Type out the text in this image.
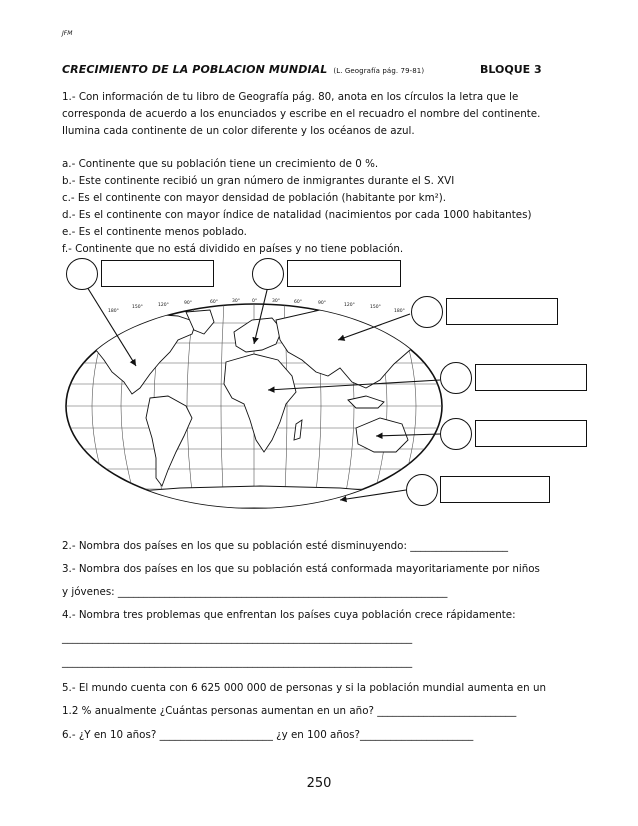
JFM
CRECIMIENTO DE LA POBLACION MUNDIAL (L. Geografía pág. 79-81)	BLOQUE 3
1.- Con información de tu libro de Geografía pág. 80, anota en los círculos la letra que le corresponda de acuerdo a los enunciados y escribe en el recuadro el nombre del continente. Ilumina cada continente de un color diferente y los océanos de azul.
a.- Continente que su población tiene un crecimiento de 0 %.
b.- Este continente recibió un gran número de inmigrantes durante el S. XVI
c.- Es el continente con mayor densidad de población (habitante por km²).
d.- Es el continente con mayor índice de natalidad (nacimientos por cada 1000 habitantes)
e.- Es el continente menos poblado.
f.- Continente que no está dividido en países y no tiene población.
180°
150°	120°	90°	60°	30°	0°	30°	60°	90°	120°	150°
180°
2.- Nombra dos países en los que su población esté disminuyendo: ___________________
3.- Nombra dos países en los que su población está conformada mayoritariamente por niños
y jóvenes: ________________________________________________________________
4.- Nombra tres problemas que enfrentan los países cuya población crece rápidamente:
____________________________________________________________________
____________________________________________________________________
5.- El mundo cuenta con 6 625 000 000 de personas y si la población mundial aumenta en un
1.2 % anualmente ¿Cuántas personas aumentan en un año? ___________________________
6.- ¿Y en 10 años? ______________________ ¿y en 100 años?______________________
250
